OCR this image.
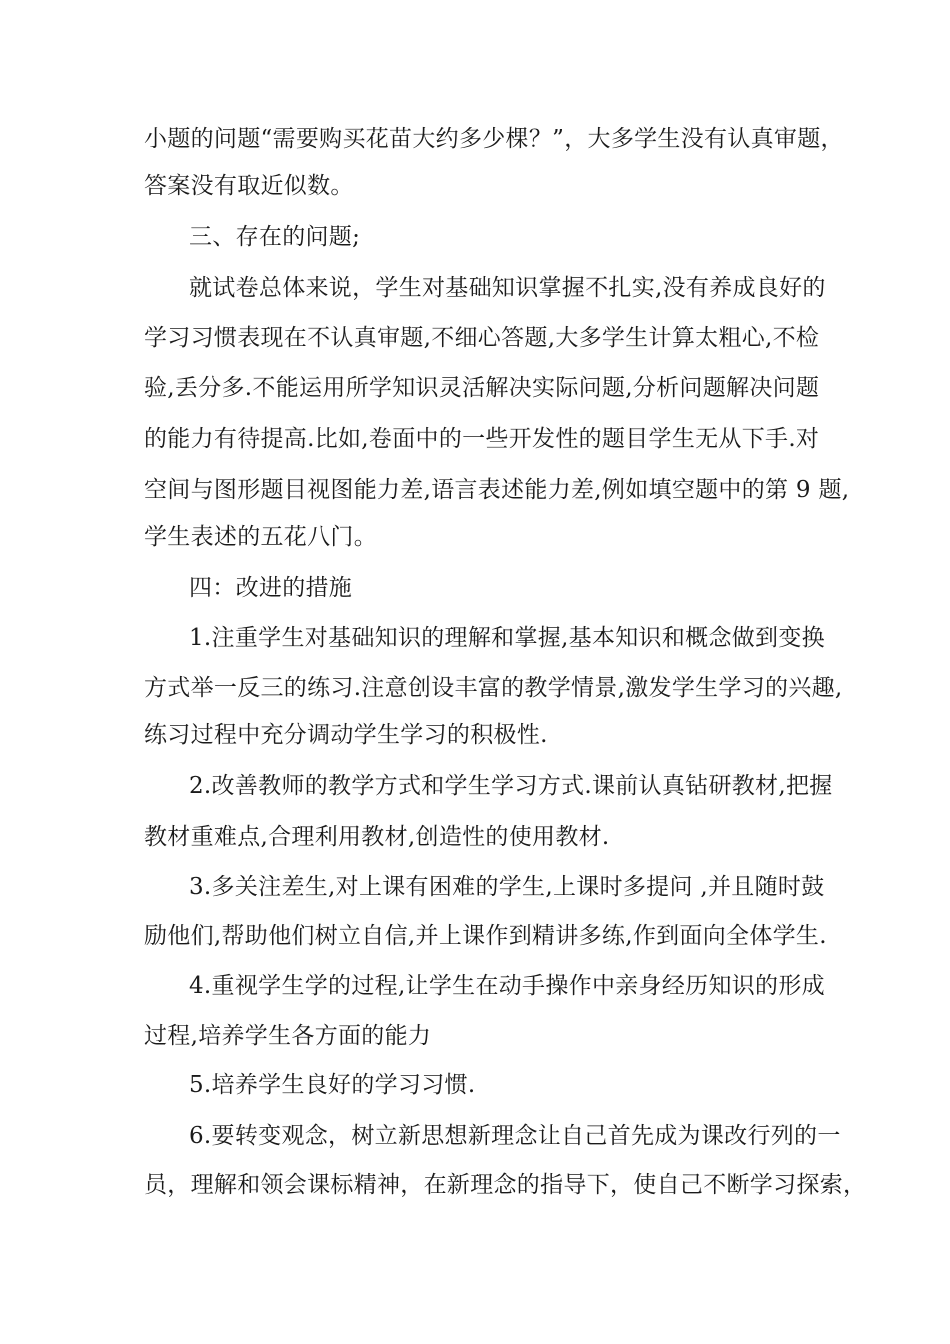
小题的问题“需要购买花苗大约多少棵？”，大多学生没有认真审题，
答案没有取近似数。
三、存在的问题;
就试卷总体来说，学生对基础知识掌握不扎实,没有养成良好的
学习习惯表现在不认真审题,不细心答题,大多学生计算太粗心,不检
验,丢分多.不能运用所学知识灵活解决实际问题,分析问题解决问题
的能力有待提高.比如,卷面中的一些开发性的题目学生无从下手.对
空间与图形题目视图能力差,语言表述能力差,例如填空题中的第 9 题,
学生表述的五花八门。
四：改进的措施
1.注重学生对基础知识的理解和掌握,基本知识和概念做到变换
方式举一反三的练习.注意创设丰富的教学情景,激发学生学习的兴趣,
练习过程中充分调动学生学习的积极性.
2.改善教师的教学方式和学生学习方式.课前认真钻研教材,把握
教材重难点,合理利用教材,创造性的使用教材.
3.多关注差生,对上课有困难的学生,上课时多提问 ,并且随时鼓
励他们,帮助他们树立自信,并上课作到精讲多练,作到面向全体学生.
4.重视学生学的过程,让学生在动手操作中亲身经历知识的形成
过程,培养学生各方面的能力
5.培养学生良好的学习习惯.
6.要转变观念，树立新思想新理念让自己首先成为课改行列的一
员，理解和领会课标精神，在新理念的指导下，使自己不断学习探索，
